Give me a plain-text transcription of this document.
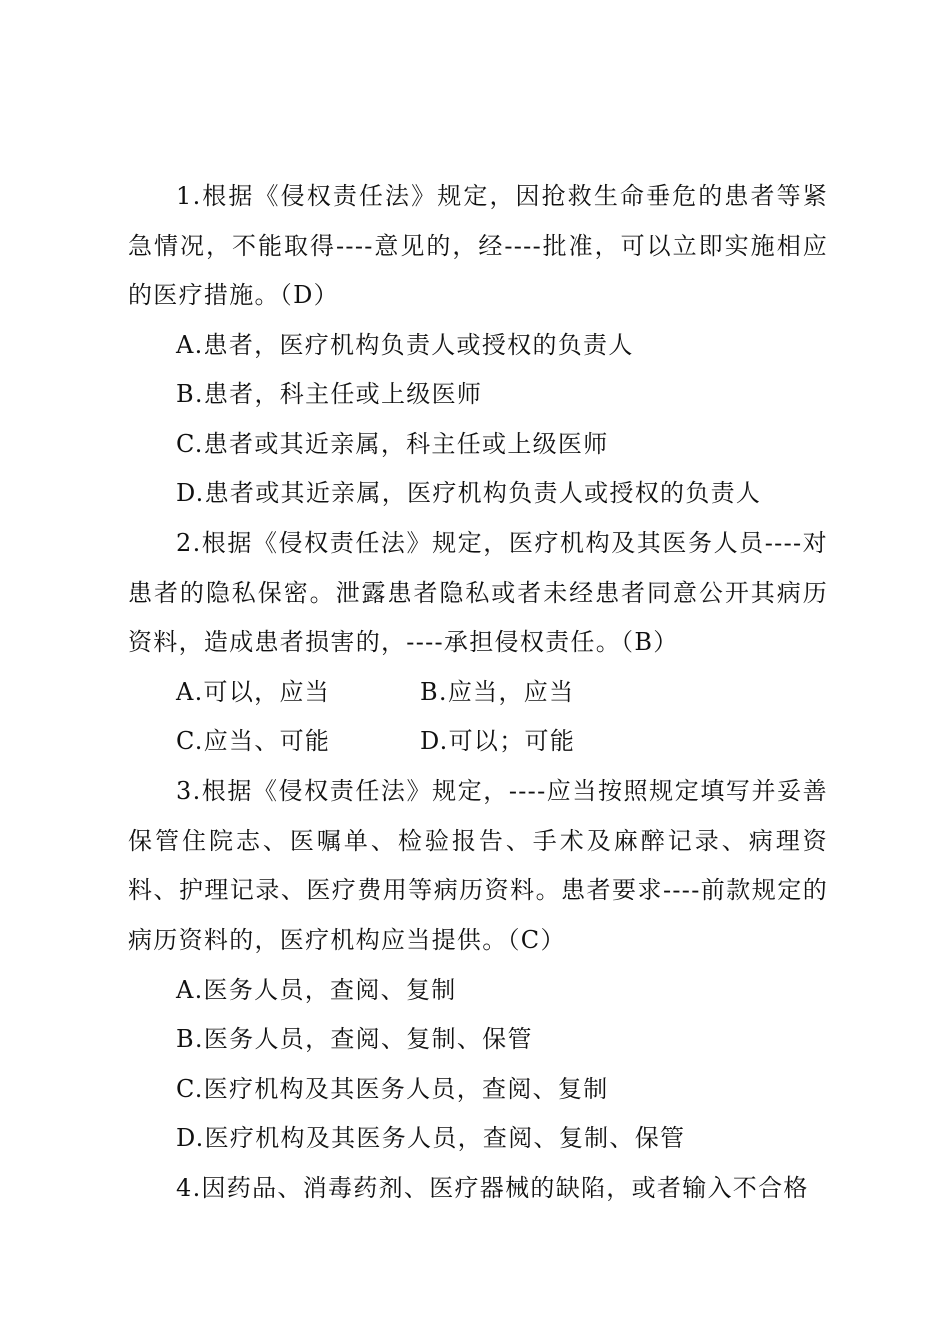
1.根据《侵权责任法》规定，因抢救生命垂危的患者等紧急情况，不能取得----意见的，经----批准，可以立即实施相应的医疗措施。（D）

A.患者，医疗机构负责人或授权的负责人

B.患者，科主任或上级医师

C.患者或其近亲属，科主任或上级医师

D.患者或其近亲属，医疗机构负责人或授权的负责人

2.根据《侵权责任法》规定，医疗机构及其医务人员----对患者的隐私保密。泄露患者隐私或者未经患者同意公开其病历资料，造成患者损害的，----承担侵权责任。（B）

A.可以，应当	B.应当，应当

C.应当、可能	D.可以；可能

3.根据《侵权责任法》规定，----应当按照规定填写并妥善保管住院志、医嘱单、检验报告、手术及麻醉记录、病理资料、护理记录、医疗费用等病历资料。患者要求----前款规定的病历资料的，医疗机构应当提供。（C）

A.医务人员，查阅、复制

B.医务人员，查阅、复制、保管

C.医疗机构及其医务人员，查阅、复制

D.医疗机构及其医务人员，查阅、复制、保管

4.因药品、消毒药剂、医疗器械的缺陷，或者输入不合格
